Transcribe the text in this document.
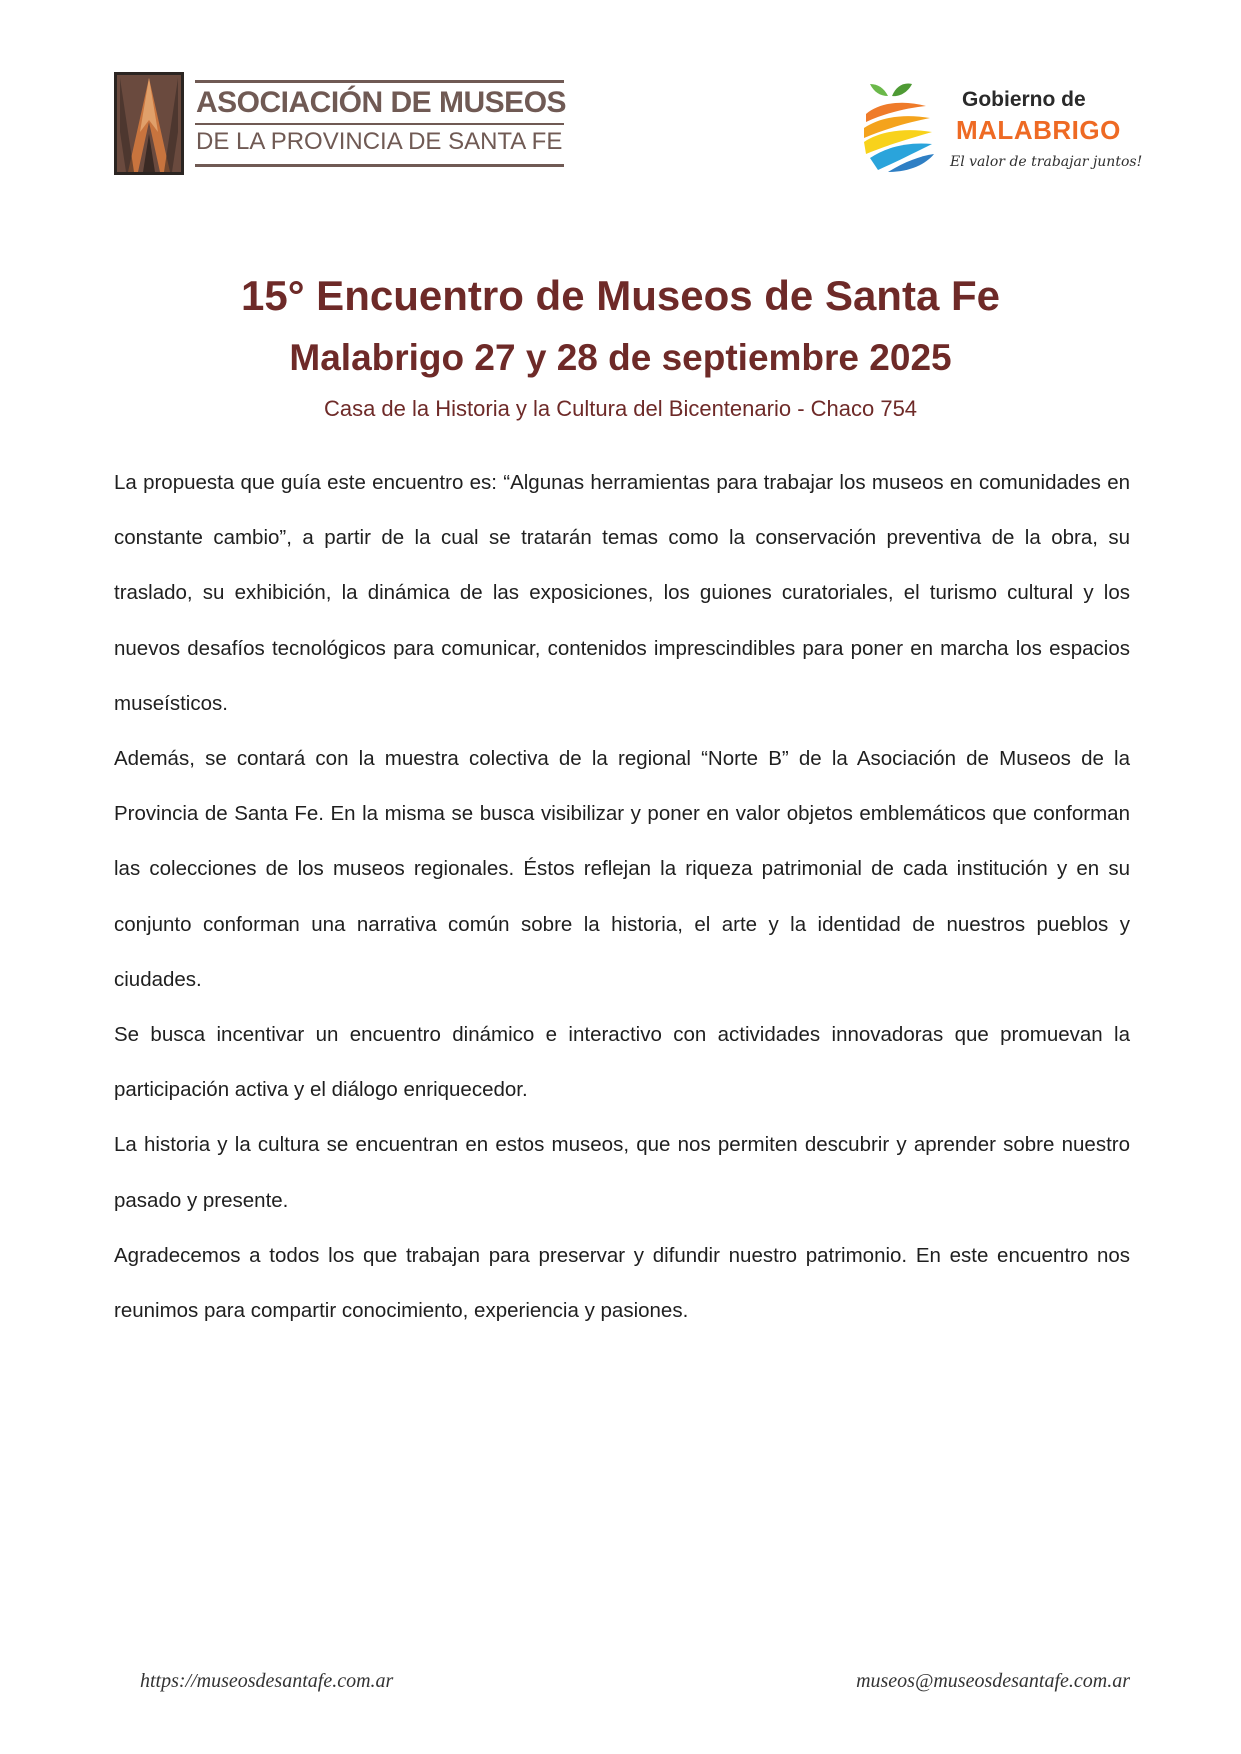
ASOCIACIÓN DE MUSEOS
DE LA PROVINCIA DE SANTA FE
Gobierno de
MALABRIGO
El valor de trabajar juntos!
15° Encuentro de Museos de Santa Fe
Malabrigo 27 y 28 de septiembre 2025
Casa de la Historia y la Cultura del Bicentenario - Chaco 754

La propuesta que guía este encuentro es: “Algunas herramientas para trabajar los museos en comunidades en constante cambio”, a partir de la cual se tratarán temas como la conservación preventiva de la obra, su traslado, su exhibición, la dinámica de las exposiciones, los guiones curatoriales, el turismo cultural y los nuevos desafíos tecnológicos para comunicar, contenidos imprescindibles para poner en marcha los espacios museísticos.

Además, se contará con la muestra colectiva de la regional “Norte B” de la Asociación de Museos de la Provincia de Santa Fe. En la misma se busca visibilizar y poner en valor objetos emblemáticos que conforman las colecciones de los museos regionales. Éstos reflejan la riqueza patrimonial de cada institución y en su conjunto conforman una narrativa común sobre la historia, el arte y la identidad de nuestros pueblos y ciudades.

Se busca incentivar un encuentro dinámico e interactivo con actividades innovadoras que promuevan la participación activa y el diálogo enriquecedor.

La historia y la cultura se encuentran en estos museos, que nos permiten descubrir y aprender sobre nuestro pasado y presente.

Agradecemos a todos los que trabajan para preservar y difundir nuestro patrimonio. En este encuentro nos reunimos para compartir conocimiento, experiencia y pasiones.

https://museosdesantafe.com.ar	museos@museosdesantafe.com.ar
